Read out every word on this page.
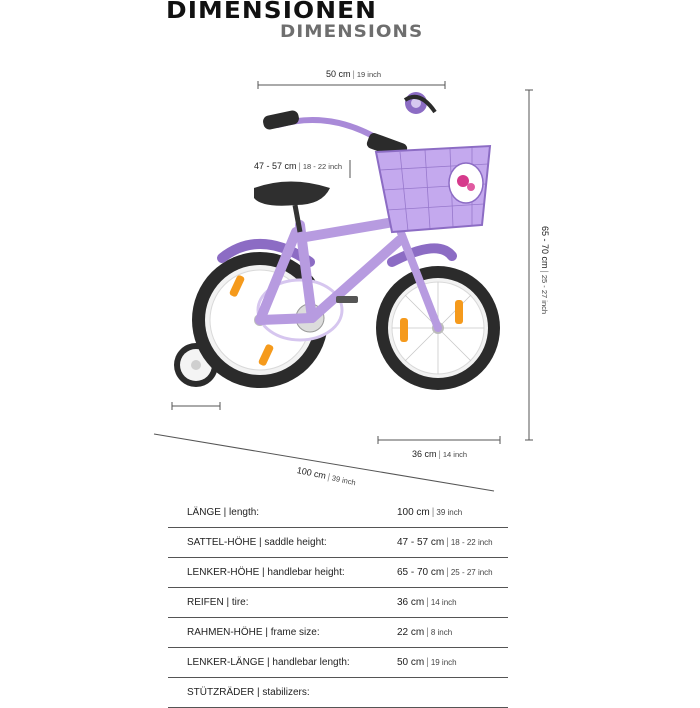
DIMENSIONEN
DIMENSIONS
50 cm | 19 inch
47 - 57 cm | 18 - 22 inch
65 - 70 cm|25 - 27 inch
36 cm | 14 inch
100 cm|39 inch
LÄNGE | length:	100 cm | 39 inch
SATTEL-HÖHE | saddle height:	47 - 57 cm | 18 - 22 inch
LENKER-HÖHE | handlebar height:	65 - 70 cm | 25 - 27 inch
REIFEN | tire:	36 cm | 14 inch
RAHMEN-HÖHE | frame size:	22 cm | 8 inch
LENKER-LÄNGE | handlebar length:	50 cm | 19 inch
STÜTZRÄDER | stabilizers:	
